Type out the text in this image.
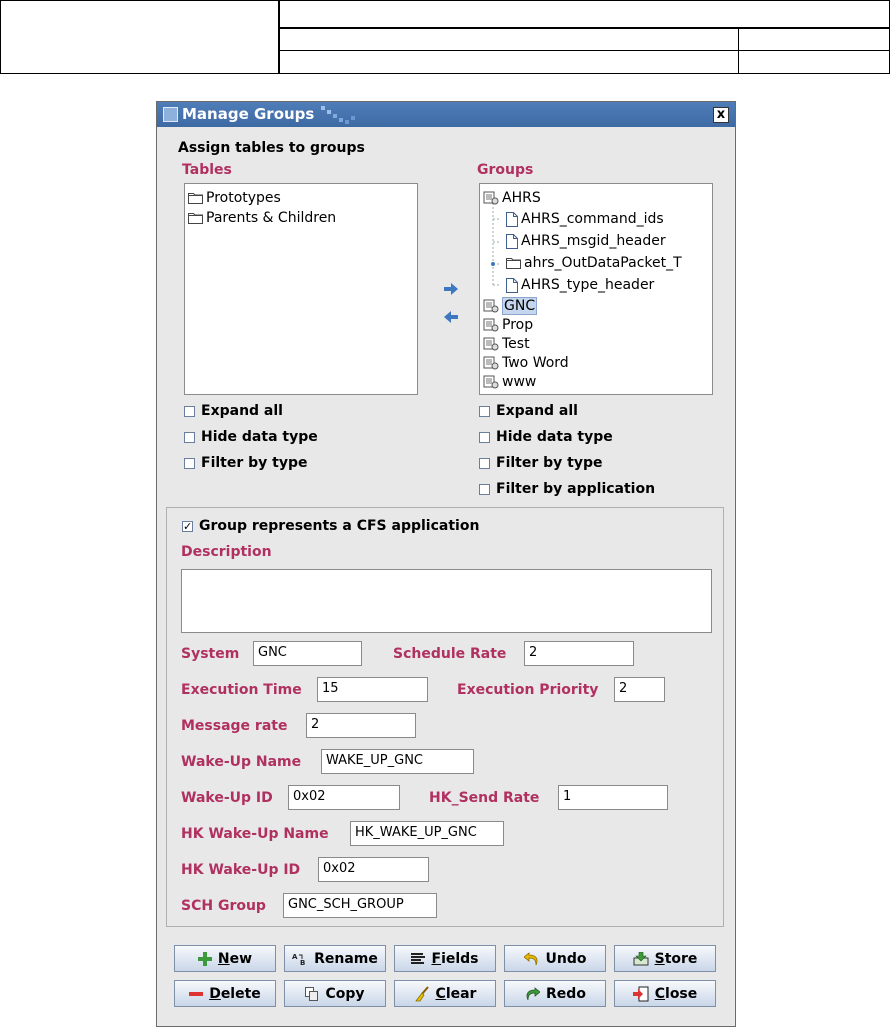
Manage Groups	x
Assign tables to groups
Tables	Groups
Prototypes
Parents & Children
AHRS
AHRS_command_ids
AHRS_msgid_header
ahrs_OutDataPacket_T
AHRS_type_header
GNC
Prop
Test
Two Word
www
Expand all
Hide data type
Filter by type
Expand all
Hide data type
Filter by type
Filter by application
✓ Group represents a CFS application
Description
System	GNC	Schedule Rate	2
Execution Time	15	Execution Priority	2
Message rate	2
Wake-Up Name	WAKE_UP_GNC
Wake-Up ID	0x02	HK_Send Rate	1
HK Wake-Up Name	HK_WAKE_UP_GNC
HK Wake-Up ID	0x02
SCH Group	GNC_SCH_GROUP
New	A
B Rename	Fields	Undo	Store
Delete	Copy	Clear	Redo	Close
